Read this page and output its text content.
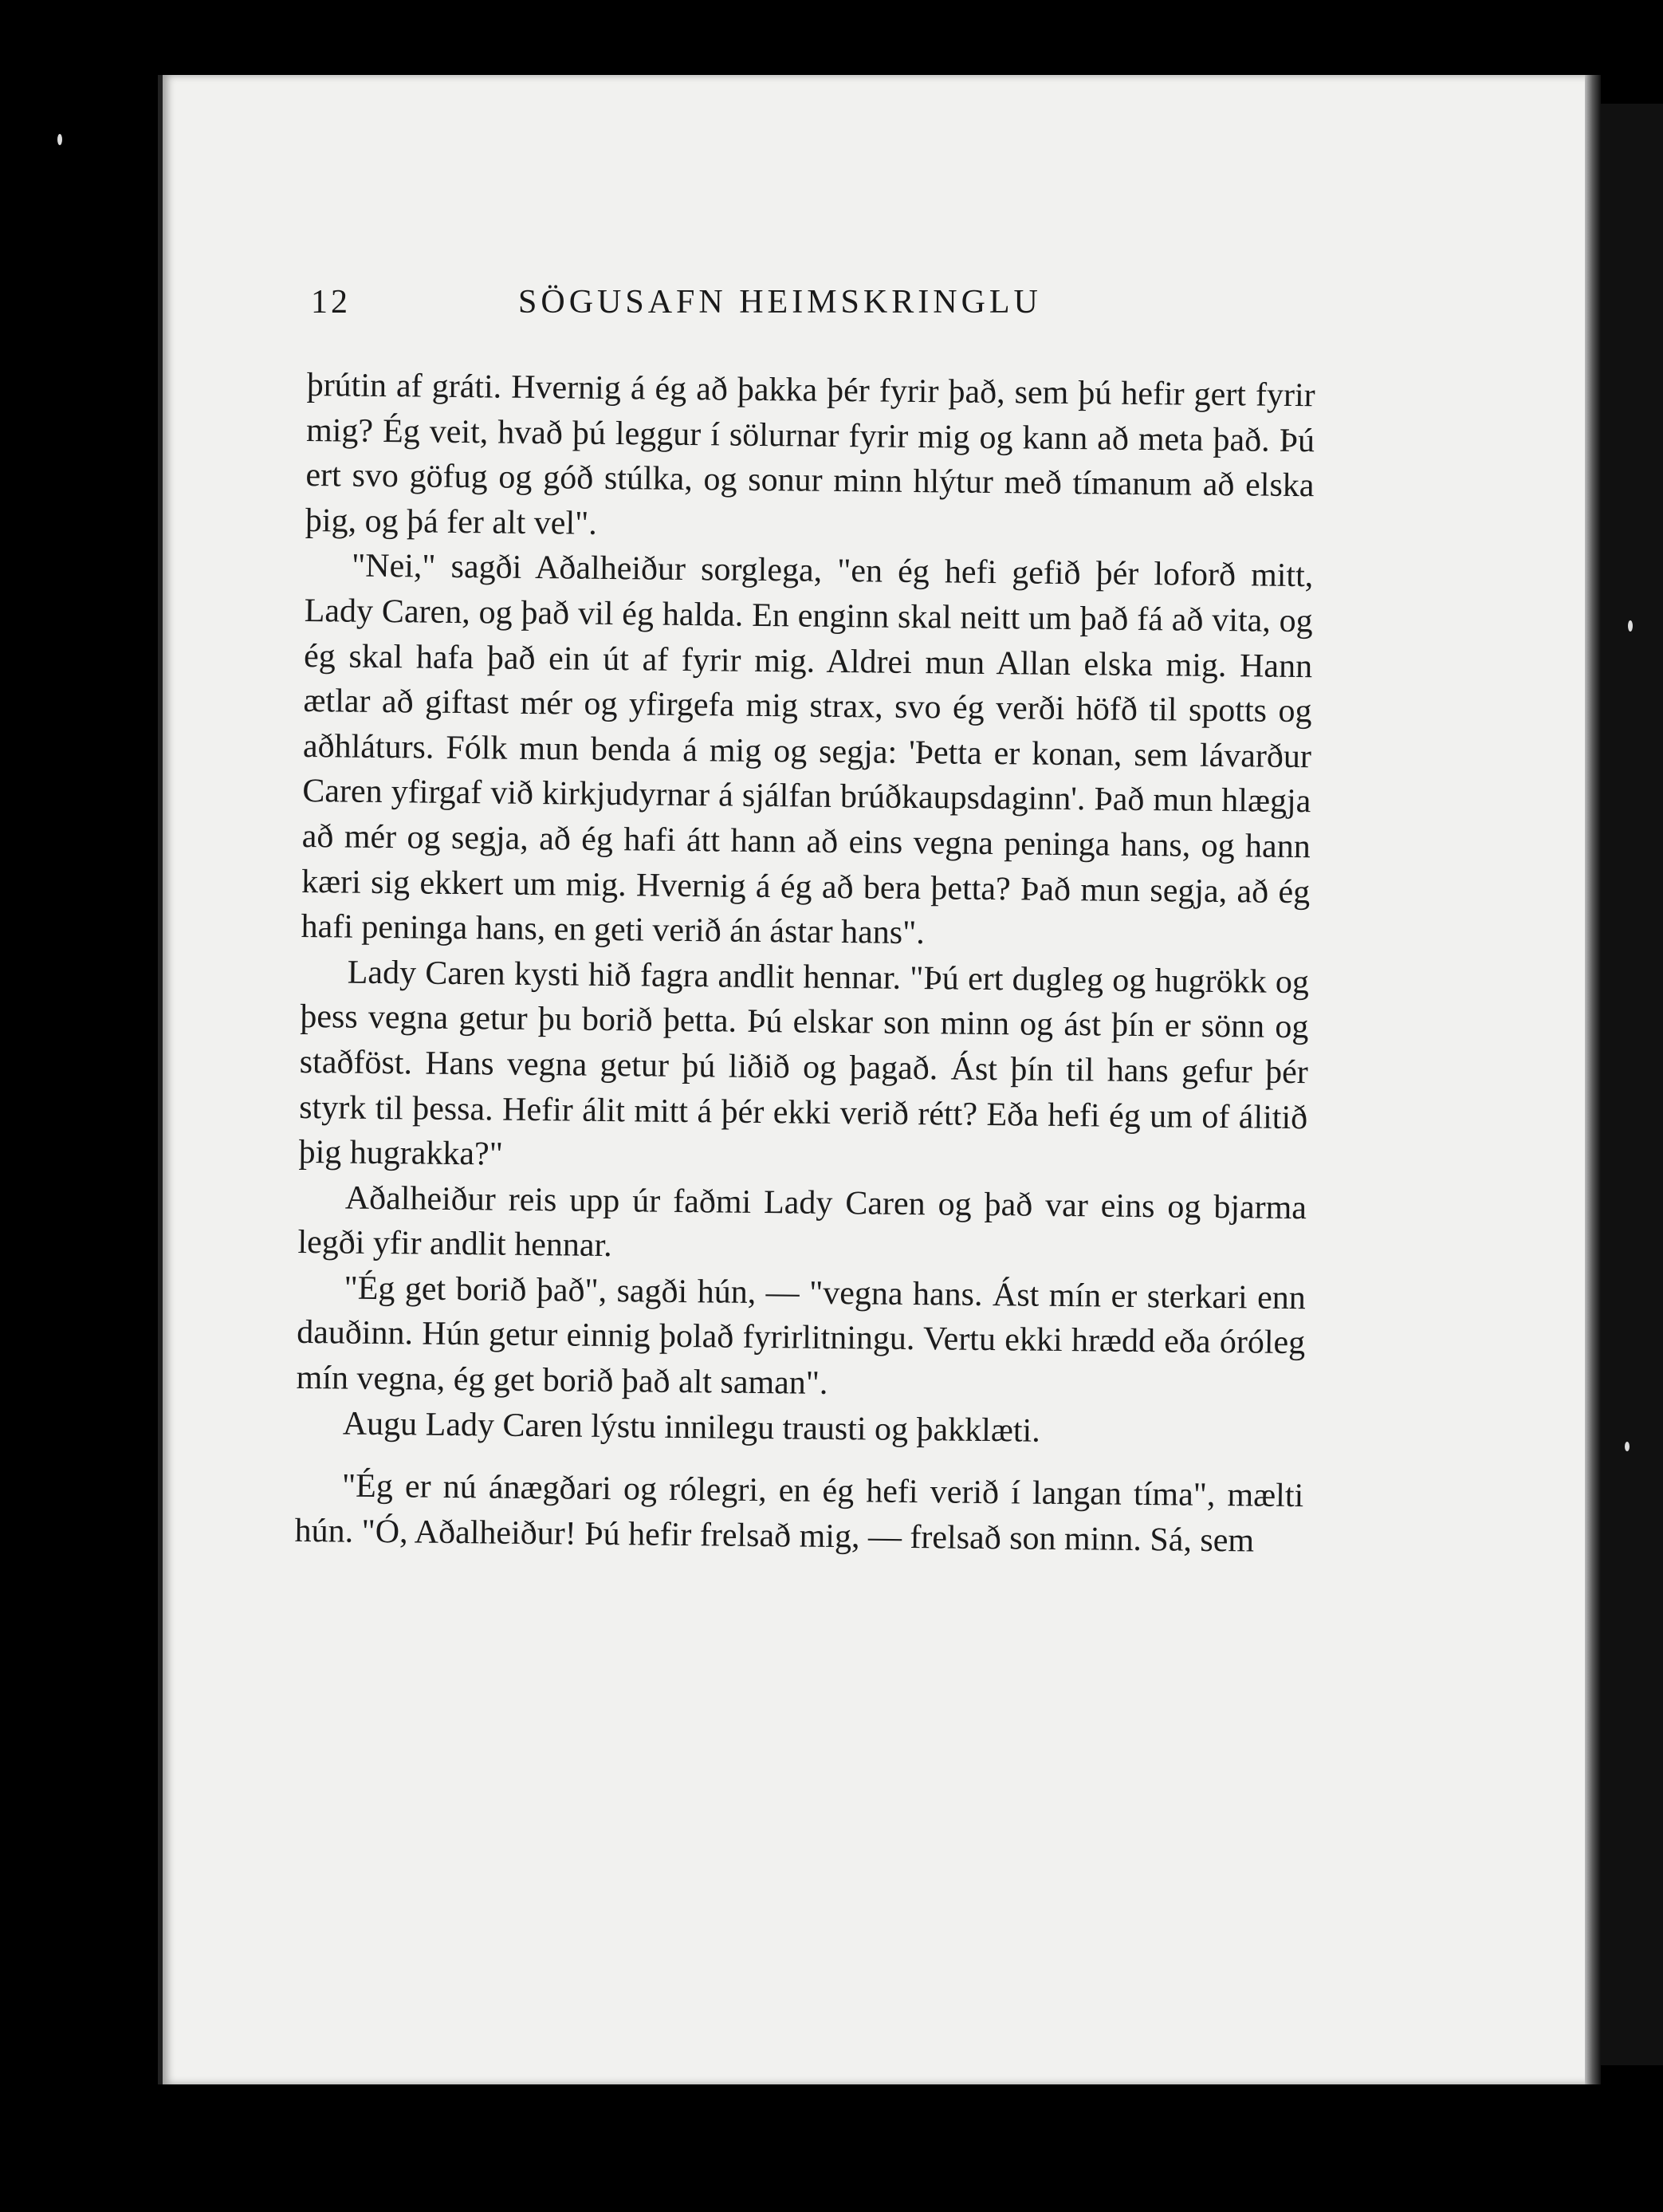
12	SÖGUSAFN HEIMSKRINGLU

þrútin af gráti. Hvernig á ég að þakka þér fyrir það, sem þú hefir gert fyrir mig? Ég veit, hvað þú leggur í sölurnar fyrir mig og kann að meta það. Þú ert svo göfug og góð stúlka, og sonur minn hlýtur með tímanum að elska þig, og þá fer alt vel".

"Nei," sagði Aðalheiður sorglega, "en ég hefi gefið þér loforð mitt, Lady Caren, og það vil ég halda. En enginn skal neitt um það fá að vita, og ég skal hafa það ein út af fyrir mig. Aldrei mun Allan elska mig. Hann ætlar að giftast mér og yfirgefa mig strax, svo ég verði höfð til spotts og aðhláturs. Fólk mun benda á mig og segja: 'Þetta er konan, sem lávarður Caren yfirgaf við kirkjudyrnar á sjálfan brúðkaupsdaginn'. Það mun hlægja að mér og segja, að ég hafi átt hann að eins vegna peninga hans, og hann kæri sig ekkert um mig. Hvernig á ég að bera þetta? Það mun segja, að ég hafi peninga hans, en geti verið án ástar hans".

Lady Caren kysti hið fagra andlit hennar. "Þú ert dugleg og hugrökk og þess vegna getur þu borið þetta. Þú elskar son minn og ást þín er sönn og staðföst. Hans vegna getur þú liðið og þagað. Ást þín til hans gefur þér styrk til þessa. Hefir álit mitt á þér ekki verið rétt? Eða hefi ég um of álitið þig hugrakka?"

Aðalheiður reis upp úr faðmi Lady Caren og það var eins og bjarma legði yfir andlit hennar.

"Ég get borið það", sagði hún, — "vegna hans. Ást mín er sterkari enn dauðinn. Hún getur einnig þolað fyrirlitningu. Vertu ekki hrædd eða óróleg mín vegna, ég get borið það alt saman".

Augu Lady Caren lýstu innilegu trausti og þakklæti.

"Ég er nú ánægðari og rólegri, en ég hefi verið í langan tíma", mælti hún. "Ó, Aðalheiður! Þú hefir frelsað mig, — frelsað son minn. Sá, sem
